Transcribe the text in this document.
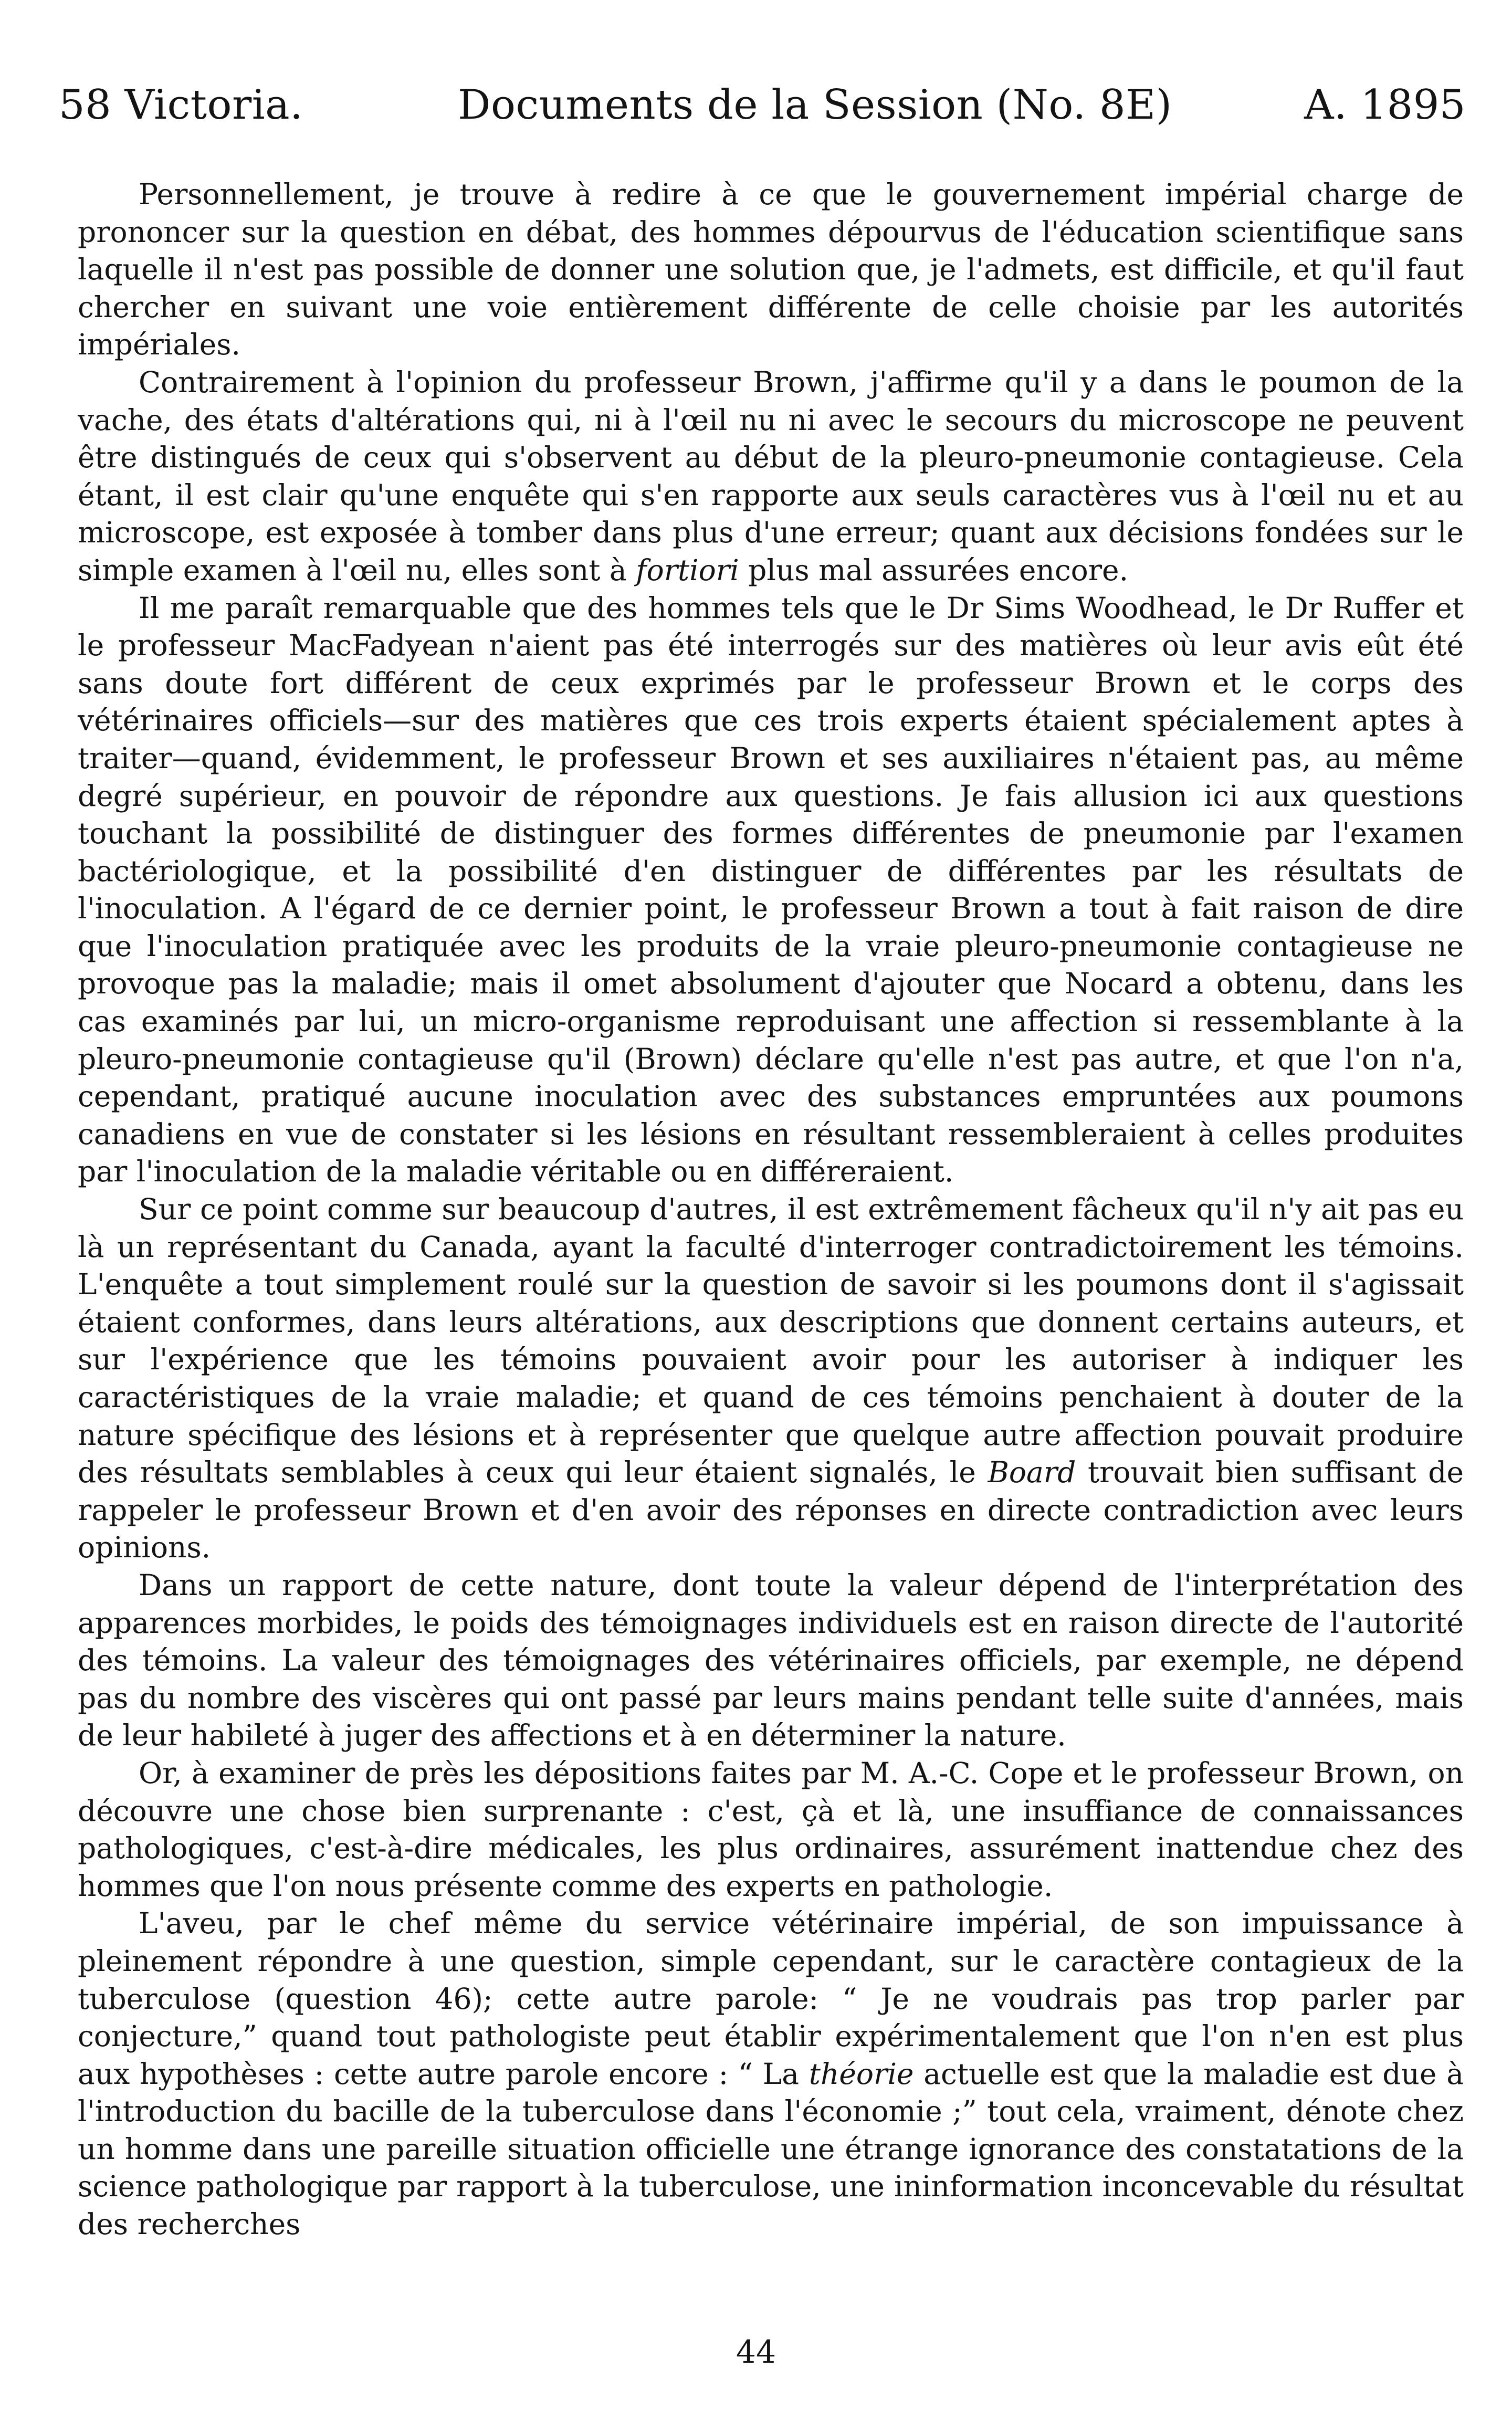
58 Victoria.	Documents de la Session (No. 8E)	A. 1895

Personnellement, je trouve à redire à ce que le gouvernement impérial charge de prononcer sur la question en débat, des hommes dépourvus de l'éducation scientifique sans laquelle il n'est pas possible de donner une solution que, je l'admets, est difficile, et qu'il faut chercher en suivant une voie entièrement différente de celle choisie par les autorités impériales.

Contrairement à l'opinion du professeur Brown, j'affirme qu'il y a dans le poumon de la vache, des états d'altérations qui, ni à l'œil nu ni avec le secours du microscope ne peuvent être distingués de ceux qui s'observent au début de la pleuro-pneumonie contagieuse. Cela étant, il est clair qu'une enquête qui s'en rapporte aux seuls caractères vus à l'œil nu et au microscope, est exposée à tomber dans plus d'une erreur; quant aux décisions fondées sur le simple examen à l'œil nu, elles sont à fortiori plus mal assurées encore.

Il me paraît remarquable que des hommes tels que le Dr Sims Woodhead, le Dr Ruffer et le professeur MacFadyean n'aient pas été interrogés sur des matières où leur avis eût été sans doute fort différent de ceux exprimés par le professeur Brown et le corps des vétérinaires officiels—sur des matières que ces trois experts étaient spécialement aptes à traiter—quand, évidemment, le professeur Brown et ses auxiliaires n'étaient pas, au même degré supérieur, en pouvoir de répondre aux questions. Je fais allusion ici aux questions touchant la possibilité de distinguer des formes différentes de pneumonie par l'examen bactériologique, et la possibilité d'en distinguer de différentes par les résultats de l'inoculation. A l'égard de ce dernier point, le professeur Brown a tout à fait raison de dire que l'inoculation pratiquée avec les produits de la vraie pleuro-pneumonie contagieuse ne provoque pas la maladie; mais il omet absolument d'ajouter que Nocard a obtenu, dans les cas examinés par lui, un micro-organisme reproduisant une affection si ressemblante à la pleuro-pneumonie contagieuse qu'il (Brown) déclare qu'elle n'est pas autre, et que l'on n'a, cependant, pratiqué aucune inoculation avec des substances empruntées aux poumons canadiens en vue de constater si les lésions en résultant ressembleraient à celles produites par l'inoculation de la maladie véritable ou en différeraient.

Sur ce point comme sur beaucoup d'autres, il est extrêmement fâcheux qu'il n'y ait pas eu là un représentant du Canada, ayant la faculté d'interroger contradictoirement les témoins. L'enquête a tout simplement roulé sur la question de savoir si les poumons dont il s'agissait étaient conformes, dans leurs altérations, aux descriptions que donnent certains auteurs, et sur l'expérience que les témoins pouvaient avoir pour les autoriser à indiquer les caractéristiques de la vraie maladie; et quand de ces témoins penchaient à douter de la nature spécifique des lésions et à représenter que quelque autre affection pouvait produire des résultats semblables à ceux qui leur étaient signalés, le Board trouvait bien suffisant de rappeler le professeur Brown et d'en avoir des réponses en directe contradiction avec leurs opinions.

Dans un rapport de cette nature, dont toute la valeur dépend de l'interprétation des apparences morbides, le poids des témoignages individuels est en raison directe de l'autorité des témoins. La valeur des témoignages des vétérinaires officiels, par exemple, ne dépend pas du nombre des viscères qui ont passé par leurs mains pendant telle suite d'années, mais de leur habileté à juger des affections et à en déterminer la nature.

Or, à examiner de près les dépositions faites par M. A.-C. Cope et le professeur Brown, on découvre une chose bien surprenante : c'est, çà et là, une insuffiance de connaissances pathologiques, c'est-à-dire médicales, les plus ordinaires, assurément inattendue chez des hommes que l'on nous présente comme des experts en pathologie.

L'aveu, par le chef même du service vétérinaire impérial, de son impuissance à pleinement répondre à une question, simple cependant, sur le caractère contagieux de la tuberculose (question 46); cette autre parole: “ Je ne voudrais pas trop parler par conjecture,” quand tout pathologiste peut établir expérimentalement que l'on n'en est plus aux hypothèses : cette autre parole encore : “ La théorie actuelle est que la maladie est due à l'introduction du bacille de la tuberculose dans l'économie ;” tout cela, vraiment, dénote chez un homme dans une pareille situation officielle une étrange ignorance des constatations de la science pathologique par rapport à la tuberculose, une ininformation inconcevable du résultat des recherches

44
